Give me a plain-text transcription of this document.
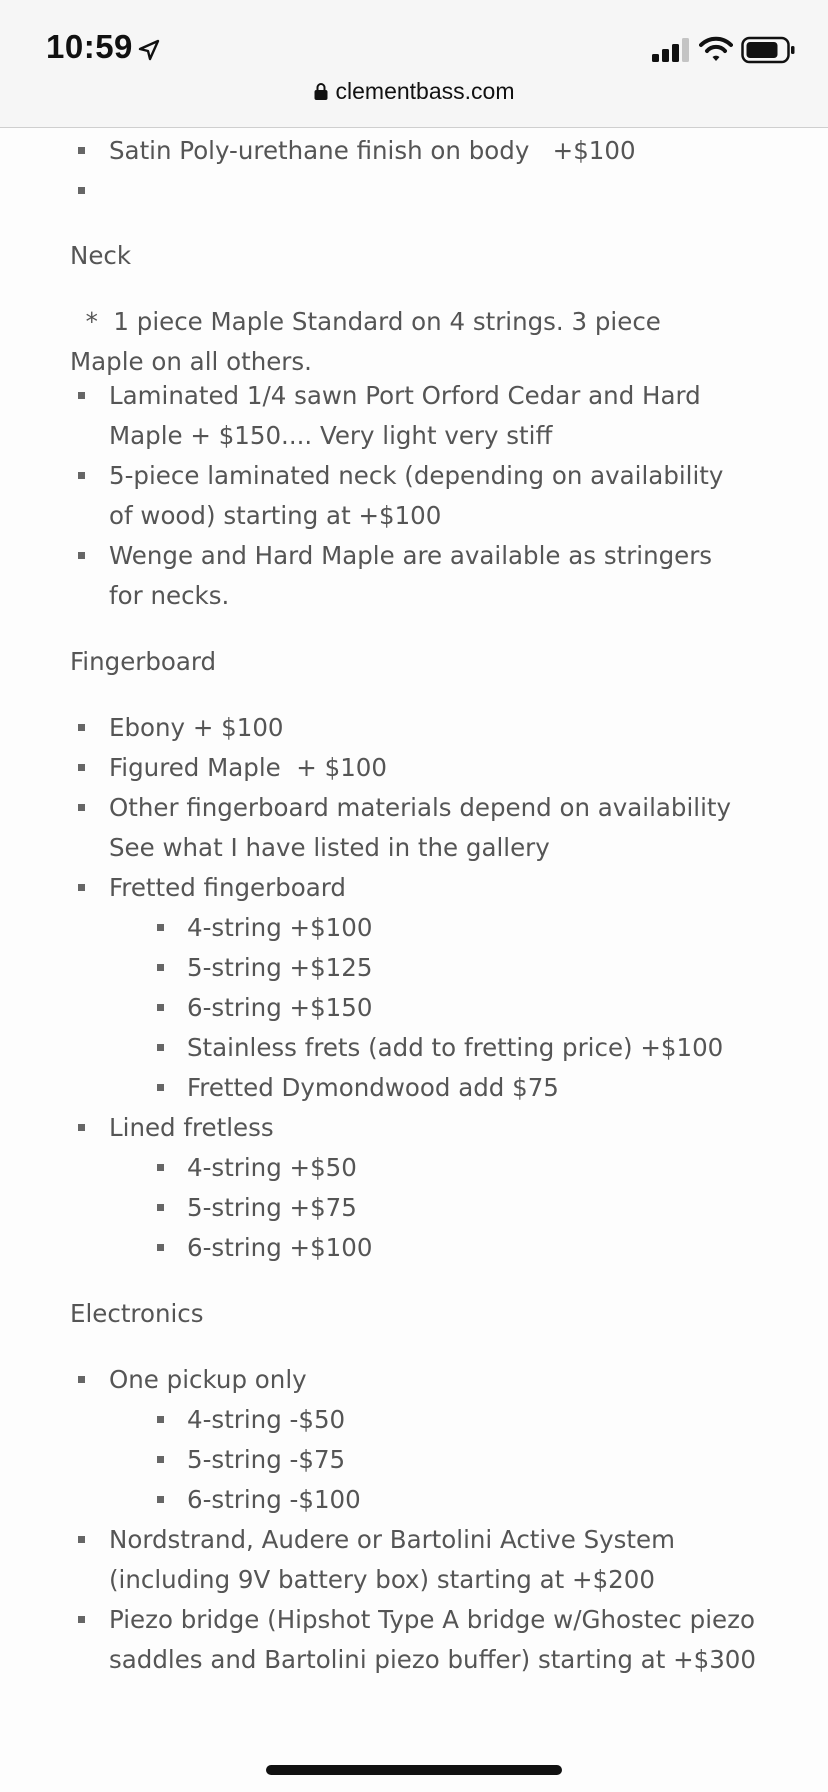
10:59
clementbass.com
Satin Poly-urethane finish on body   +$100
Neck
*  1 piece Maple Standard on 4 strings. 3 piece
Maple on all others.
Laminated 1/4 sawn Port Orford Cedar and Hard
Maple + $150.... Very light very stiff
5-piece laminated neck (depending on availability
of wood) starting at +$100
Wenge and Hard Maple are available as stringers
for necks.
Fingerboard
Ebony + $100
Figured Maple  + $100
Other fingerboard materials depend on availability
See what I have listed in the gallery
Fretted fingerboard
4-string +$100
5-string +$125
6-string +$150
Stainless frets (add to fretting price) +$100
Fretted Dymondwood add $75
Lined fretless
4-string +$50
5-string +$75
6-string +$100
Electronics
One pickup only
4-string -$50
5-string -$75
6-string -$100
Nordstrand, Audere or Bartolini Active System
(including 9V battery box) starting at +$200
Piezo bridge (Hipshot Type A bridge w/Ghostec piezo
saddles and Bartolini piezo buffer) starting at +$300
